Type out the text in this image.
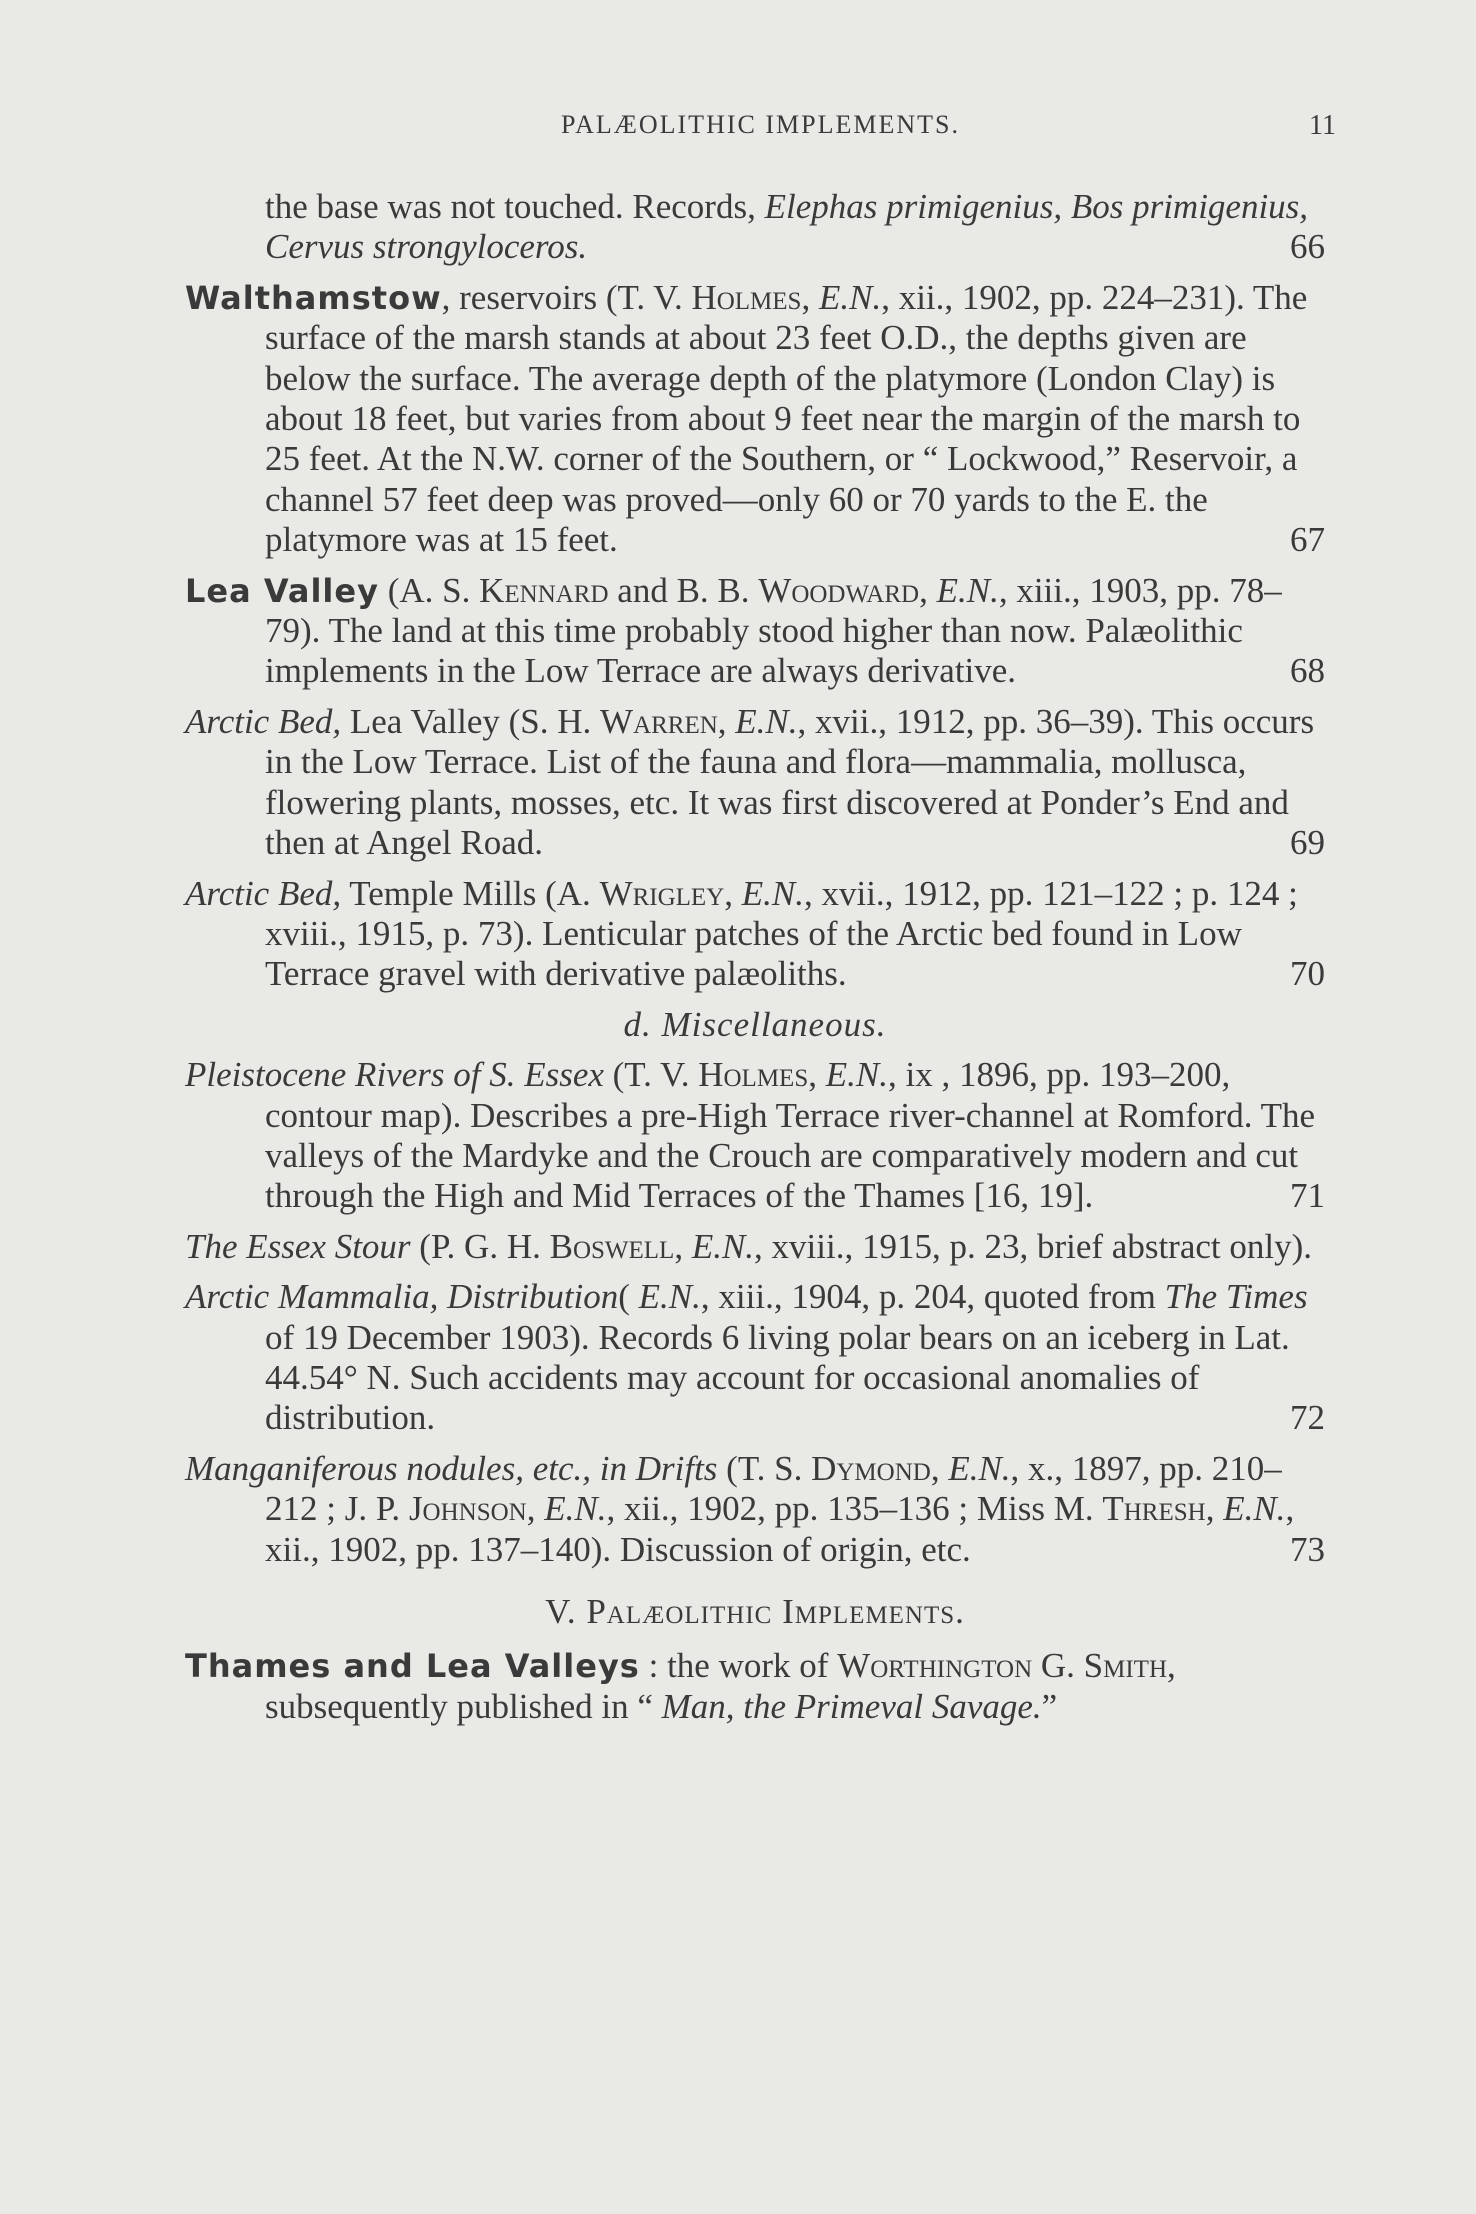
PALÆOLITHIC IMPLEMENTS.	11

the base was not touched. Records, Elephas primigenius, Bos primigenius, Cervus strongyloceros.	66

Walthamstow, reservoirs (T. V. Holmes, E.N., xii., 1902, pp. 224–231). The surface of the marsh stands at about 23 feet O.D., the depths given are below the surface. The average depth of the platymore (London Clay) is about 18 feet, but varies from about 9 feet near the margin of the marsh to 25 feet. At the N.W. corner of the Southern, or “ Lockwood,” Reservoir, a channel 57 feet deep was proved—only 60 or 70 yards to the E. the platymore was at 15 feet.	67

Lea Valley (A. S. Kennard and B. B. Woodward, E.N., xiii., 1903, pp. 78–79). The land at this time probably stood higher than now. Palæolithic implements in the Low Terrace are always derivative.	68

Arctic Bed, Lea Valley (S. H. Warren, E.N., xvii., 1912, pp. 36–39). This occurs in the Low Terrace. List of the fauna and flora—mammalia, mollusca, flowering plants, mosses, etc. It was first discovered at Ponder’s End and then at Angel Road.	69

Arctic Bed, Temple Mills (A. Wrigley, E.N., xvii., 1912, pp. 121–122 ; p. 124 ; xviii., 1915, p. 73). Lenticular patches of the Arctic bed found in Low Terrace gravel with derivative palæoliths.	70

d. Miscellaneous.

Pleistocene Rivers of S. Essex (T. V. Holmes, E.N., ix , 1896, pp. 193–200, contour map). Describes a pre-High Terrace river-channel at Romford. The valleys of the Mardyke and the Crouch are comparatively modern and cut through the High and Mid Terraces of the Thames [16, 19].	71

The Essex Stour (P. G. H. Boswell, E.N., xviii., 1915, p. 23, brief abstract only).

Arctic Mammalia, Distribution( E.N., xiii., 1904, p. 204, quoted from The Times of 19 December 1903). Records 6 living polar bears on an iceberg in Lat. 44.54° N. Such accidents may account for occasional anomalies of distribution.	72

Manganiferous nodules, etc., in Drifts (T. S. Dymond, E.N., x., 1897, pp. 210–212 ; J. P. Johnson, E.N., xii., 1902, pp. 135–136 ; Miss M. Thresh, E.N., xii., 1902, pp. 137–140). Discussion of origin, etc.	73

V. Palæolithic Implements.

Thames and Lea Valleys : the work of Worthington G. Smith, subsequently published in “ Man, the Primeval Savage.”
